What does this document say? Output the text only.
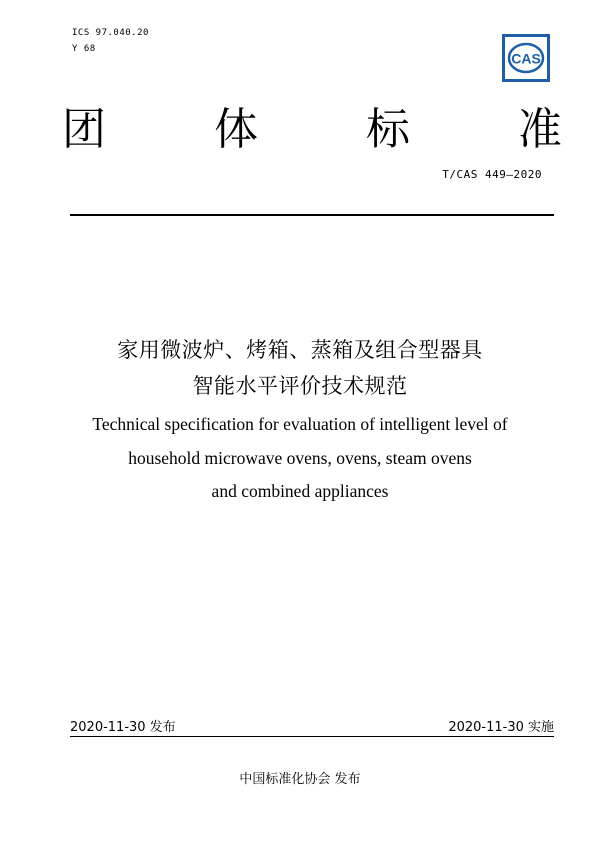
ICS 97.040.20
Y 68
CAS
团 体 标 准
T/CAS 449—2020
家用微波炉、烤箱、蒸箱及组合型器具
智能水平评价技术规范
Technical specification for evaluation of intelligent level of
household microwave ovens, ovens, steam ovens
and combined appliances
2020-11-30 发布	2020-11-30 实施
中国标准化协会 发布
